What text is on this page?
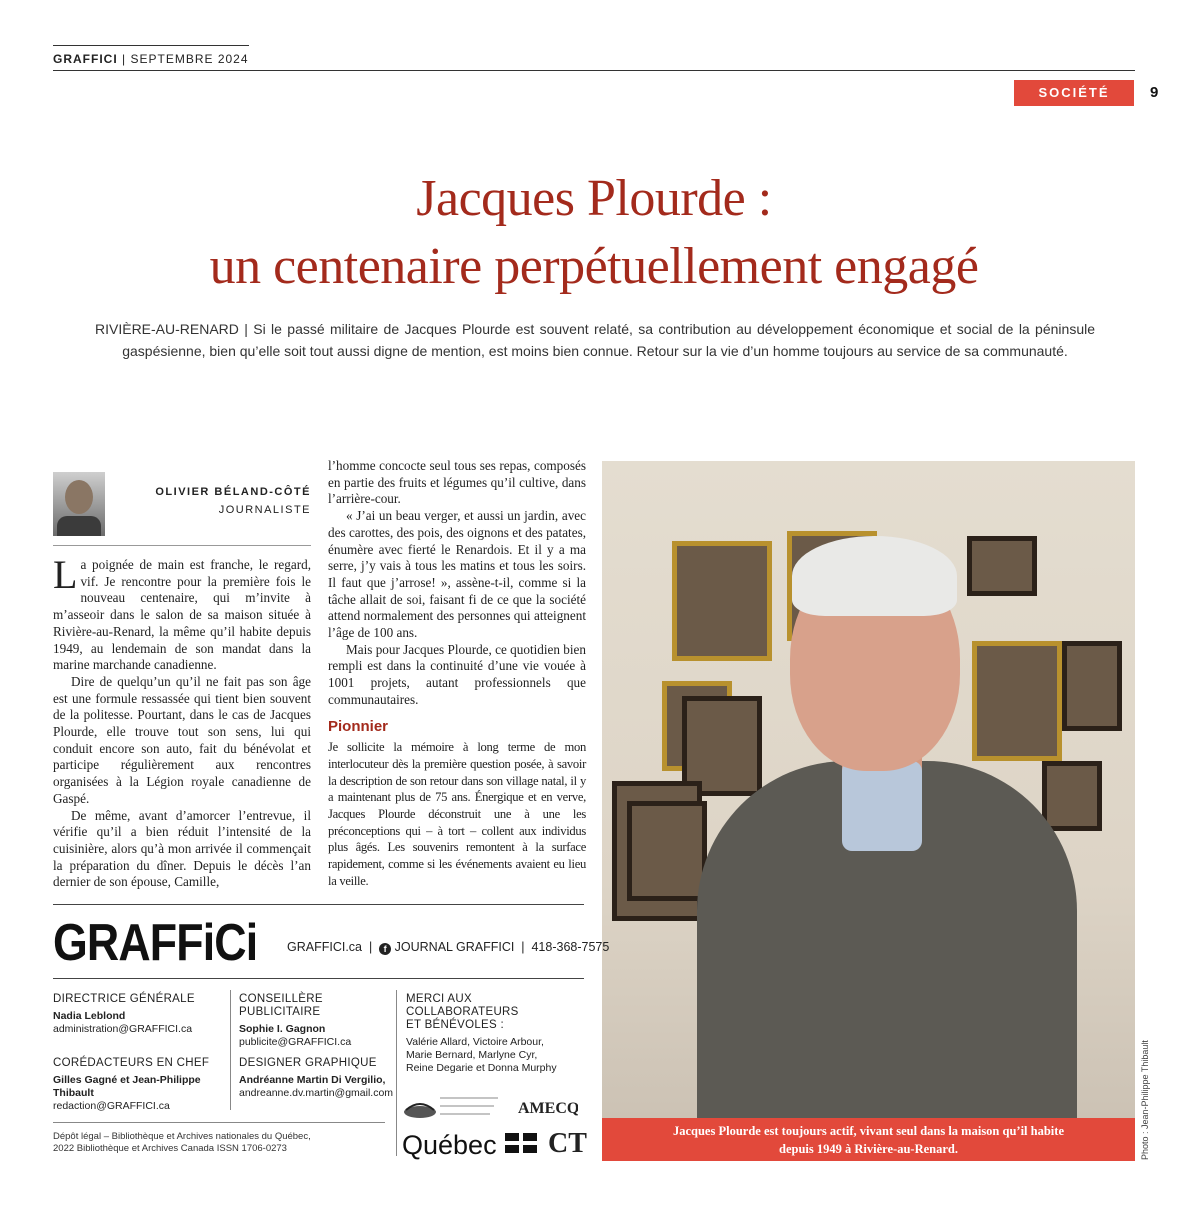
GRAFFICI | SEPTEMBRE 2024
SOCIÉTÉ	9
Jacques Plourde :
un centenaire perpétuellement engagé
RIVIÈRE-AU-RENARD | Si le passé militaire de Jacques Plourde est souvent relaté, sa contribution au développement économique et social de la péninsule gaspésienne, bien qu’elle soit tout aussi digne de mention, est moins bien connue. Retour sur la vie d’un homme toujours au service de sa communauté.
OLIVIER BÉLAND-CÔTÉ
JOURNALISTE

La poignée de main est franche, le regard, vif. Je rencontre pour la première fois le nouveau centenaire, qui m’invite à m’asseoir dans le salon de sa maison située à Rivière-au-Renard, la même qu’il habite depuis 1949, au lendemain de son mandat dans la marine marchande canadienne.

Dire de quelqu’un qu’il ne fait pas son âge est une formule ressassée qui tient bien souvent de la politesse. Pourtant, dans le cas de Jacques Plourde, elle trouve tout son sens, lui qui conduit encore son auto, fait du bénévolat et participe régulièrement aux rencontres organisées à la Légion royale canadienne de Gaspé.

De même, avant d’amorcer l’entrevue, il vérifie qu’il a bien réduit l’intensité de la cuisinière, alors qu’à mon arrivée il commençait la préparation du dîner. Depuis le décès l’an dernier de son épouse, Camille,

l’homme concocte seul tous ses repas, composés en partie des fruits et légumes qu’il cultive, dans l’arrière-cour.

« J’ai un beau verger, et aussi un jardin, avec des carottes, des pois, des oignons et des patates, énumère avec fierté le Renardois. Et il y a ma serre, j’y vais à tous les matins et tous les soirs. Il faut que j’arrose! », assène-t-il, comme si la tâche allait de soi, faisant fi de ce que la société attend normalement des personnes qui atteignent l’âge de 100 ans.

Mais pour Jacques Plourde, ce quotidien bien rempli est dans la continuité d’une vie vouée à 1001 projets, autant professionnels que communautaires.

Pionnier

Je sollicite la mémoire à long terme de mon interlocuteur dès la première question posée, à savoir la description de son retour dans son village natal, il y a maintenant plus de 75 ans. Énergique et en verve, Jacques Plourde déconstruit une à une les préconceptions qui – à tort – collent aux individus plus âgés. Les souvenirs remontent à la surface rapidement, comme si les événements avaient eu lieu la veille.

Jacques Plourde est toujours actif, vivant seul dans la maison qu’il habite
depuis 1949 à Rivière-au-Renard.	Photo : Jean-Philippe Thibault
GRAFFiCi GRAFFICI.ca  |  f JOURNAL GRAFFICI  |  418-368-7575
DIRECTRICE GÉNÉRALE
Nadia Leblond
administration@GRAFFICI.ca
CORÉDACTEURS EN CHEF
Gilles Gagné et Jean-Philippe Thibault
redaction@GRAFFICI.ca
CONSEILLÈRE PUBLICITAIRE
Sophie I. Gagnon
publicite@GRAFFICI.ca
DESIGNER GRAPHIQUE
Andréanne Martin Di Vergilio,
andreanne.dv.martin@gmail.com
MERCI AUX COLLABORATEURS
ET BÉNÉVOLES :
Valérie Allard, Victoire Arbour,
Marie Bernard, Marlyne Cyr,
Reine Degarie et Donna Murphy
Dépôt légal – Bibliothèque et Archives nationales du Québec,
2022 Bibliothèque et Archives Canada ISSN 1706-0273
AMECQ
Québec CT
